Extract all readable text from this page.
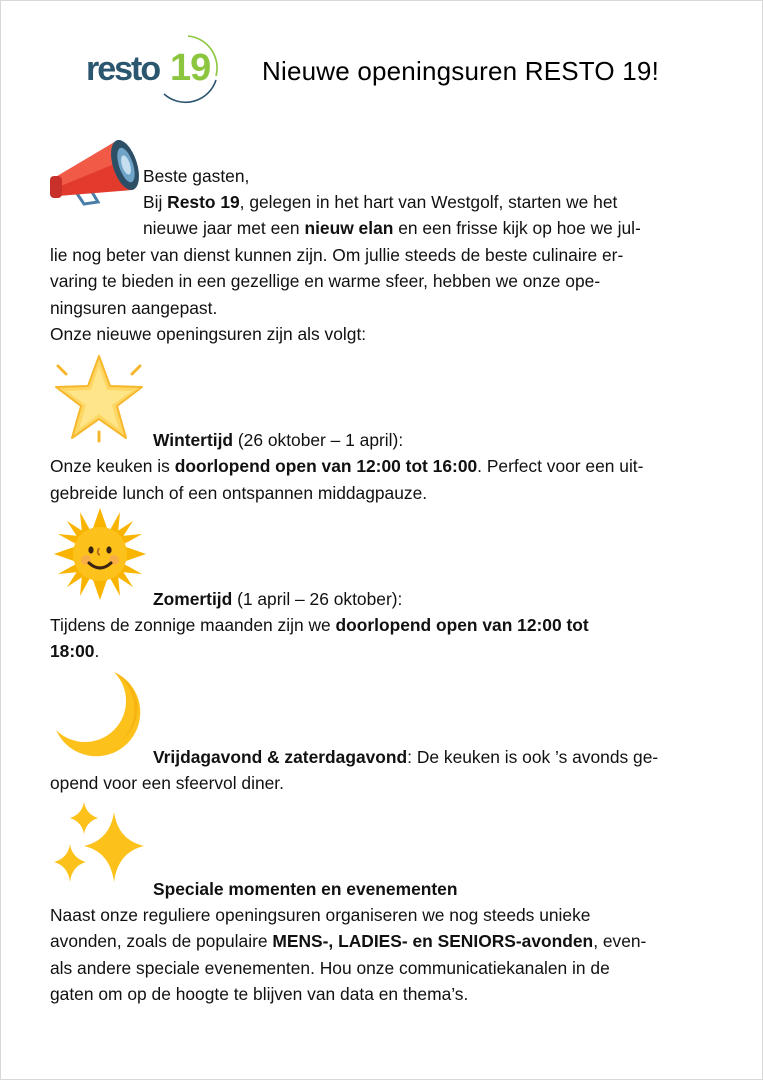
resto 19 Nieuwe openingsuren RESTO 19!
Beste gasten,
Bij Resto 19, gelegen in het hart van Westgolf, starten we het
nieuwe jaar met een nieuw elan en een frisse kijk op hoe we jul-
lie nog beter van dienst kunnen zijn. Om jullie steeds de beste culinaire er-
varing te bieden in een gezellige en warme sfeer, hebben we onze ope-
ningsuren aangepast.
Onze nieuwe openingsuren zijn als volgt:
Wintertijd (26 oktober – 1 april):
Onze keuken is doorlopend open van 12:00 tot 16:00. Perfect voor een uit-
gebreide lunch of een ontspannen middagpauze.
Zomertijd (1 april – 26 oktober):
Tijdens de zonnige maanden zijn we doorlopend open van 12:00 tot
18:00.
Vrijdagavond & zaterdagavond: De keuken is ook ’s avonds ge-
opend voor een sfeervol diner.
Speciale momenten en evenementen
Naast onze reguliere openingsuren organiseren we nog steeds unieke
avonden, zoals de populaire MENS-, LADIES- en SENIORS-avonden, even-
als andere speciale evenementen. Hou onze communicatiekanalen in de
gaten om op de hoogte te blijven van data en thema’s.
